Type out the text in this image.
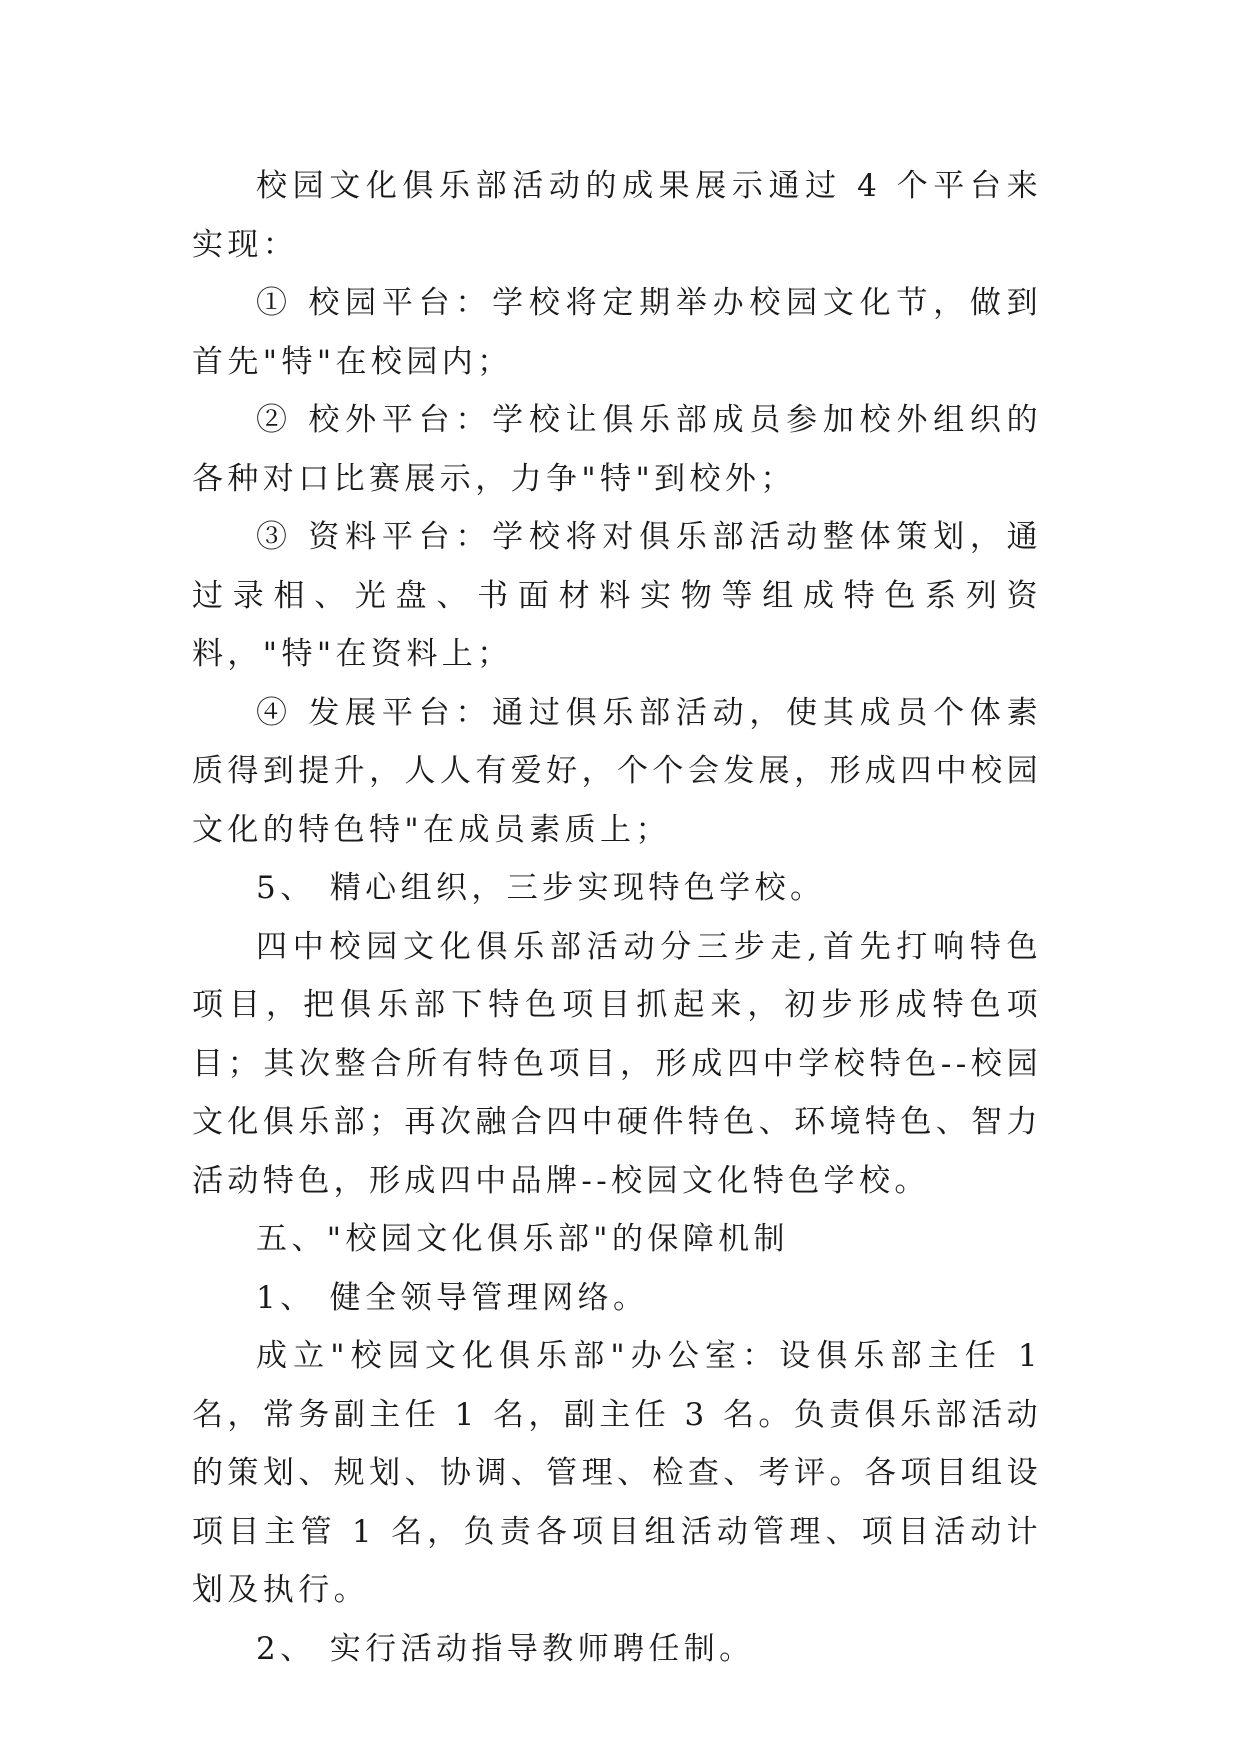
校园文化俱乐部活动的成果展示通过 4 个平台来实现：

① 校园平台：学校将定期举办校园文化节，做到首先"特"在校园内；

② 校外平台：学校让俱乐部成员参加校外组织的各种对口比赛展示，力争"特"到校外；

③ 资料平台：学校将对俱乐部活动整体策划，通过录相、光盘、书面材料实物等组成特色系列资料，"特"在资料上；

④ 发展平台：通过俱乐部活动，使其成员个体素质得到提升，人人有爱好，个个会发展，形成四中校园文化的特色特"在成员素质上；

5、 精心组织，三步实现特色学校。

四中校园文化俱乐部活动分三步走,首先打响特色项目，把俱乐部下特色项目抓起来，初步形成特色项目；其次整合所有特色项目，形成四中学校特色--校园文化俱乐部；再次融合四中硬件特色、环境特色、智力活动特色，形成四中品牌--校园文化特色学校。

五、"校园文化俱乐部"的保障机制

1、 健全领导管理网络。

成立"校园文化俱乐部"办公室：设俱乐部主任 1 名，常务副主任 1 名，副主任 3 名。负责俱乐部活动的策划、规划、协调、管理、检查、考评。各项目组设项目主管 1 名，负责各项目组活动管理、项目活动计划及执行。

2、 实行活动指导教师聘任制。
